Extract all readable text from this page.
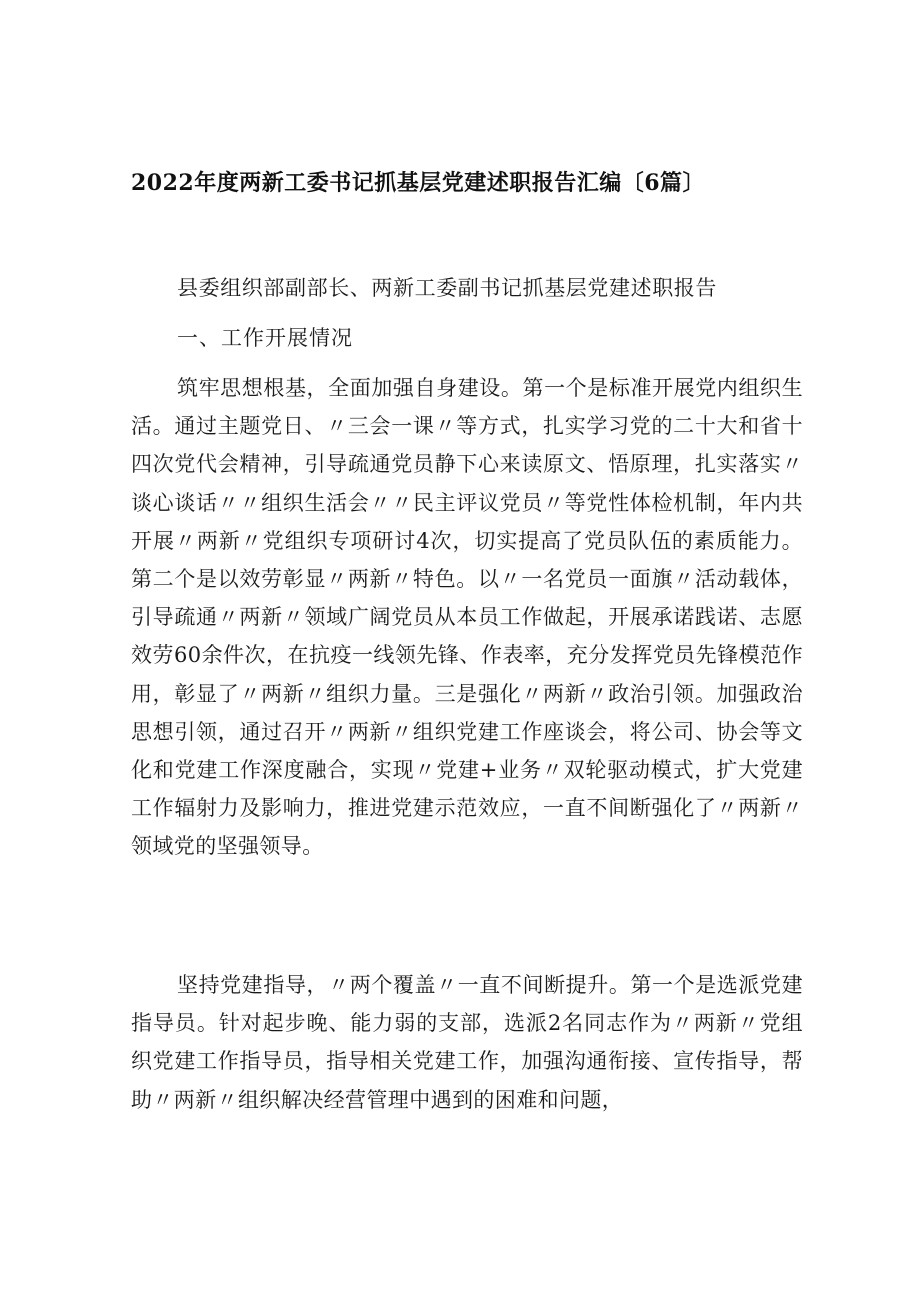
2022年度两新工委书记抓基层党建述职报告汇编〔6篇〕
县委组织部副部长、两新工委副书记抓基层党建述职报告
一、工作开展情况

筑牢思想根基，全面加强自身建设。第一个是标准开展党内组织生活。通过主题党日、〃三会一课〃等方式，扎实学习党的二十大和省十四次党代会精神，引导疏通党员静下心来读原文、悟原理，扎实落实〃谈心谈话〃〃组织生活会〃〃民主评议党员〃等党性体检机制，年内共开展〃两新〃党组织专项研讨4次，切实提高了党员队伍的素质能力。第二个是以效劳彰显〃两新〃特色。以〃一名党员一面旗〃活动载体，引导疏通〃两新〃领域广阔党员从本员工作做起，开展承诺践诺、志愿效劳60余件次，在抗疫一线领先锋、作表率，充分发挥党员先锋模范作用，彰显了〃两新〃组织力量。三是强化〃两新〃政治引领。加强政治思想引领，通过召开〃两新〃组织党建工作座谈会，将公司、协会等文化和党建工作深度融合，实现〃党建+业务〃双轮驱动模式，扩大党建工作辐射力及影响力，推进党建示范效应，一直不间断强化了〃两新〃领域党的坚强领导。

坚持党建指导，〃两个覆盖〃一直不间断提升。第一个是选派党建指导员。针对起步晚、能力弱的支部，选派2名同志作为〃两新〃党组织党建工作指导员，指导相关党建工作，加强沟通衔接、宣传指导，帮助〃两新〃组织解决经营管理中遇到的困难和问题，
